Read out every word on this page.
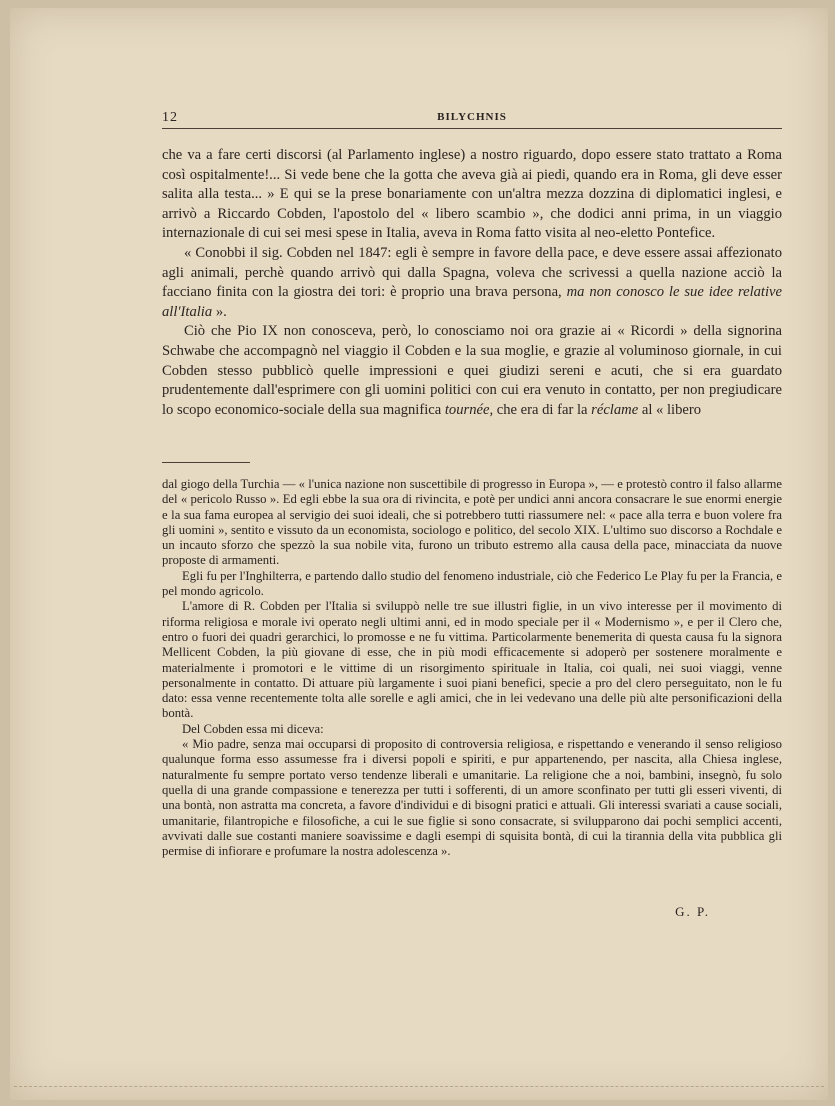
12	BILYCHNIS

che va a fare certi discorsi (al Parlamento inglese) a nostro riguardo, dopo essere stato trattato a Roma così ospitalmente!... Si vede bene che la gotta che aveva già ai piedi, quando era in Roma, gli deve esser salita alla testa... » E qui se la prese bonariamente con un'altra mezza dozzina di diplomatici inglesi, e arrivò a Riccardo Cobden, l'apostolo del « libero scambio », che dodici anni prima, in un viaggio internazionale di cui sei mesi spese in Italia, aveva in Roma fatto visita al neo-eletto Pontefice.

« Conobbi il sig. Cobden nel 1847: egli è sempre in favore della pace, e deve essere assai affezionato agli animali, perchè quando arrivò qui dalla Spagna, voleva che scrivessi a quella nazione acciò la facciano finita con la giostra dei tori: è proprio una brava persona, ma non conosco le sue idee relative all'Italia ».

Ciò che Pio IX non conosceva, però, lo conosciamo noi ora grazie ai « Ricordi » della signorina Schwabe che accompagnò nel viaggio il Cobden e la sua moglie, e grazie al voluminoso giornale, in cui Cobden stesso pubblicò quelle impressioni e quei giudizi sereni e acuti, che si era guardato prudentemente dall'esprimere con gli uomini politici con cui era venuto in contatto, per non pregiudicare lo scopo economico-sociale della sua magnifica tournée, che era di far la réclame al « libero

dal giogo della Turchia — « l'unica nazione non suscettibile di progresso in Europa », — e protestò contro il falso allarme del « pericolo Russo ». Ed egli ebbe la sua ora di rivincita, e potè per undici anni ancora consacrare le sue enormi energie e la sua fama europea al servigio dei suoi ideali, che si potrebbero tutti riassumere nel: « pace alla terra e buon volere fra gli uomini », sentito e vissuto da un economista, sociologo e politico, del secolo XIX. L'ultimo suo discorso a Rochdale e un incauto sforzo che spezzò la sua nobile vita, furono un tributo estremo alla causa della pace, minacciata da nuove proposte di armamenti.

Egli fu per l'Inghilterra, e partendo dallo studio del fenomeno industriale, ciò che Federico Le Play fu per la Francia, e pel mondo agricolo.

L'amore di R. Cobden per l'Italia si sviluppò nelle tre sue illustri figlie, in un vivo interesse per il movimento di riforma religiosa e morale ivi operato negli ultimi anni, ed in modo speciale per il « Modernismo », e per il Clero che, entro o fuori dei quadri gerarchici, lo promosse e ne fu vittima. Particolarmente benemerita di questa causa fu la signora Mellicent Cobden, la più giovane di esse, che in più modi efficacemente si adoperò per sostenere moralmente e materialmente i promotori e le vittime di un risorgimento spirituale in Italia, coi quali, nei suoi viaggi, venne personalmente in contatto. Di attuare più largamente i suoi piani benefici, specie a pro del clero perseguitato, non le fu dato: essa venne recentemente tolta alle sorelle e agli amici, che in lei vedevano una delle più alte personificazioni della bontà.

Del Cobden essa mi diceva:

« Mio padre, senza mai occuparsi di proposito di controversia religiosa, e rispettando e venerando il senso religioso qualunque forma esso assumesse fra i diversi popoli e spiriti, e pur appartenendo, per nascita, alla Chiesa inglese, naturalmente fu sempre portato verso tendenze liberali e umanitarie. La religione che a noi, bambini, insegnò, fu solo quella di una grande compassione e tenerezza per tutti i sofferenti, di un amore sconfinato per tutti gli esseri viventi, di una bontà, non astratta ma concreta, a favore d'individui e di bisogni pratici e attuali. Gli interessi svariati a cause sociali, umanitarie, filantropiche e filosofiche, a cui le sue figlie si sono consacrate, si svilupparono dai pochi semplici accenti, avvivati dalle sue costanti maniere soavissime e dagli esempi di squisita bontà, di cui la tirannia della vita pubblica gli permise di infiorare e profumare la nostra adolescenza ».

G. P.
